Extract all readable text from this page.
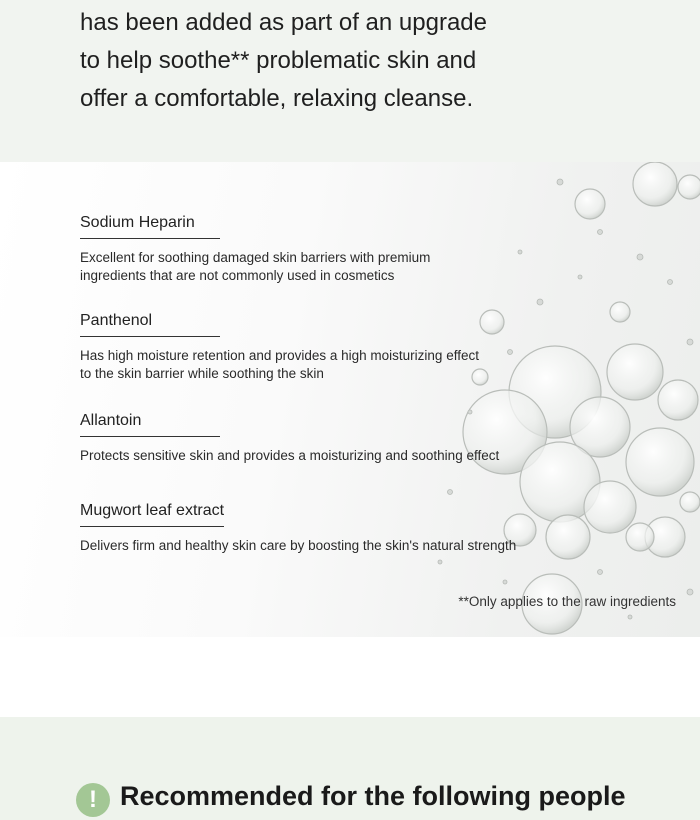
has been added as part of an upgrade
to help soothe** problematic skin and
offer a comfortable, relaxing cleanse.
Sodium Heparin
Excellent for soothing damaged skin barriers with premium
ingredients that are not commonly used in cosmetics
Panthenol
Has high moisture retention and provides a high moisturizing effect
to the skin barrier while soothing the skin
Allantoin
Protects sensitive skin and provides a moisturizing and soothing effect
Mugwort leaf extract
Delivers firm and healthy skin care by boosting the skin's natural strength
**Only applies to the raw ingredients
! Recommended for the following people
